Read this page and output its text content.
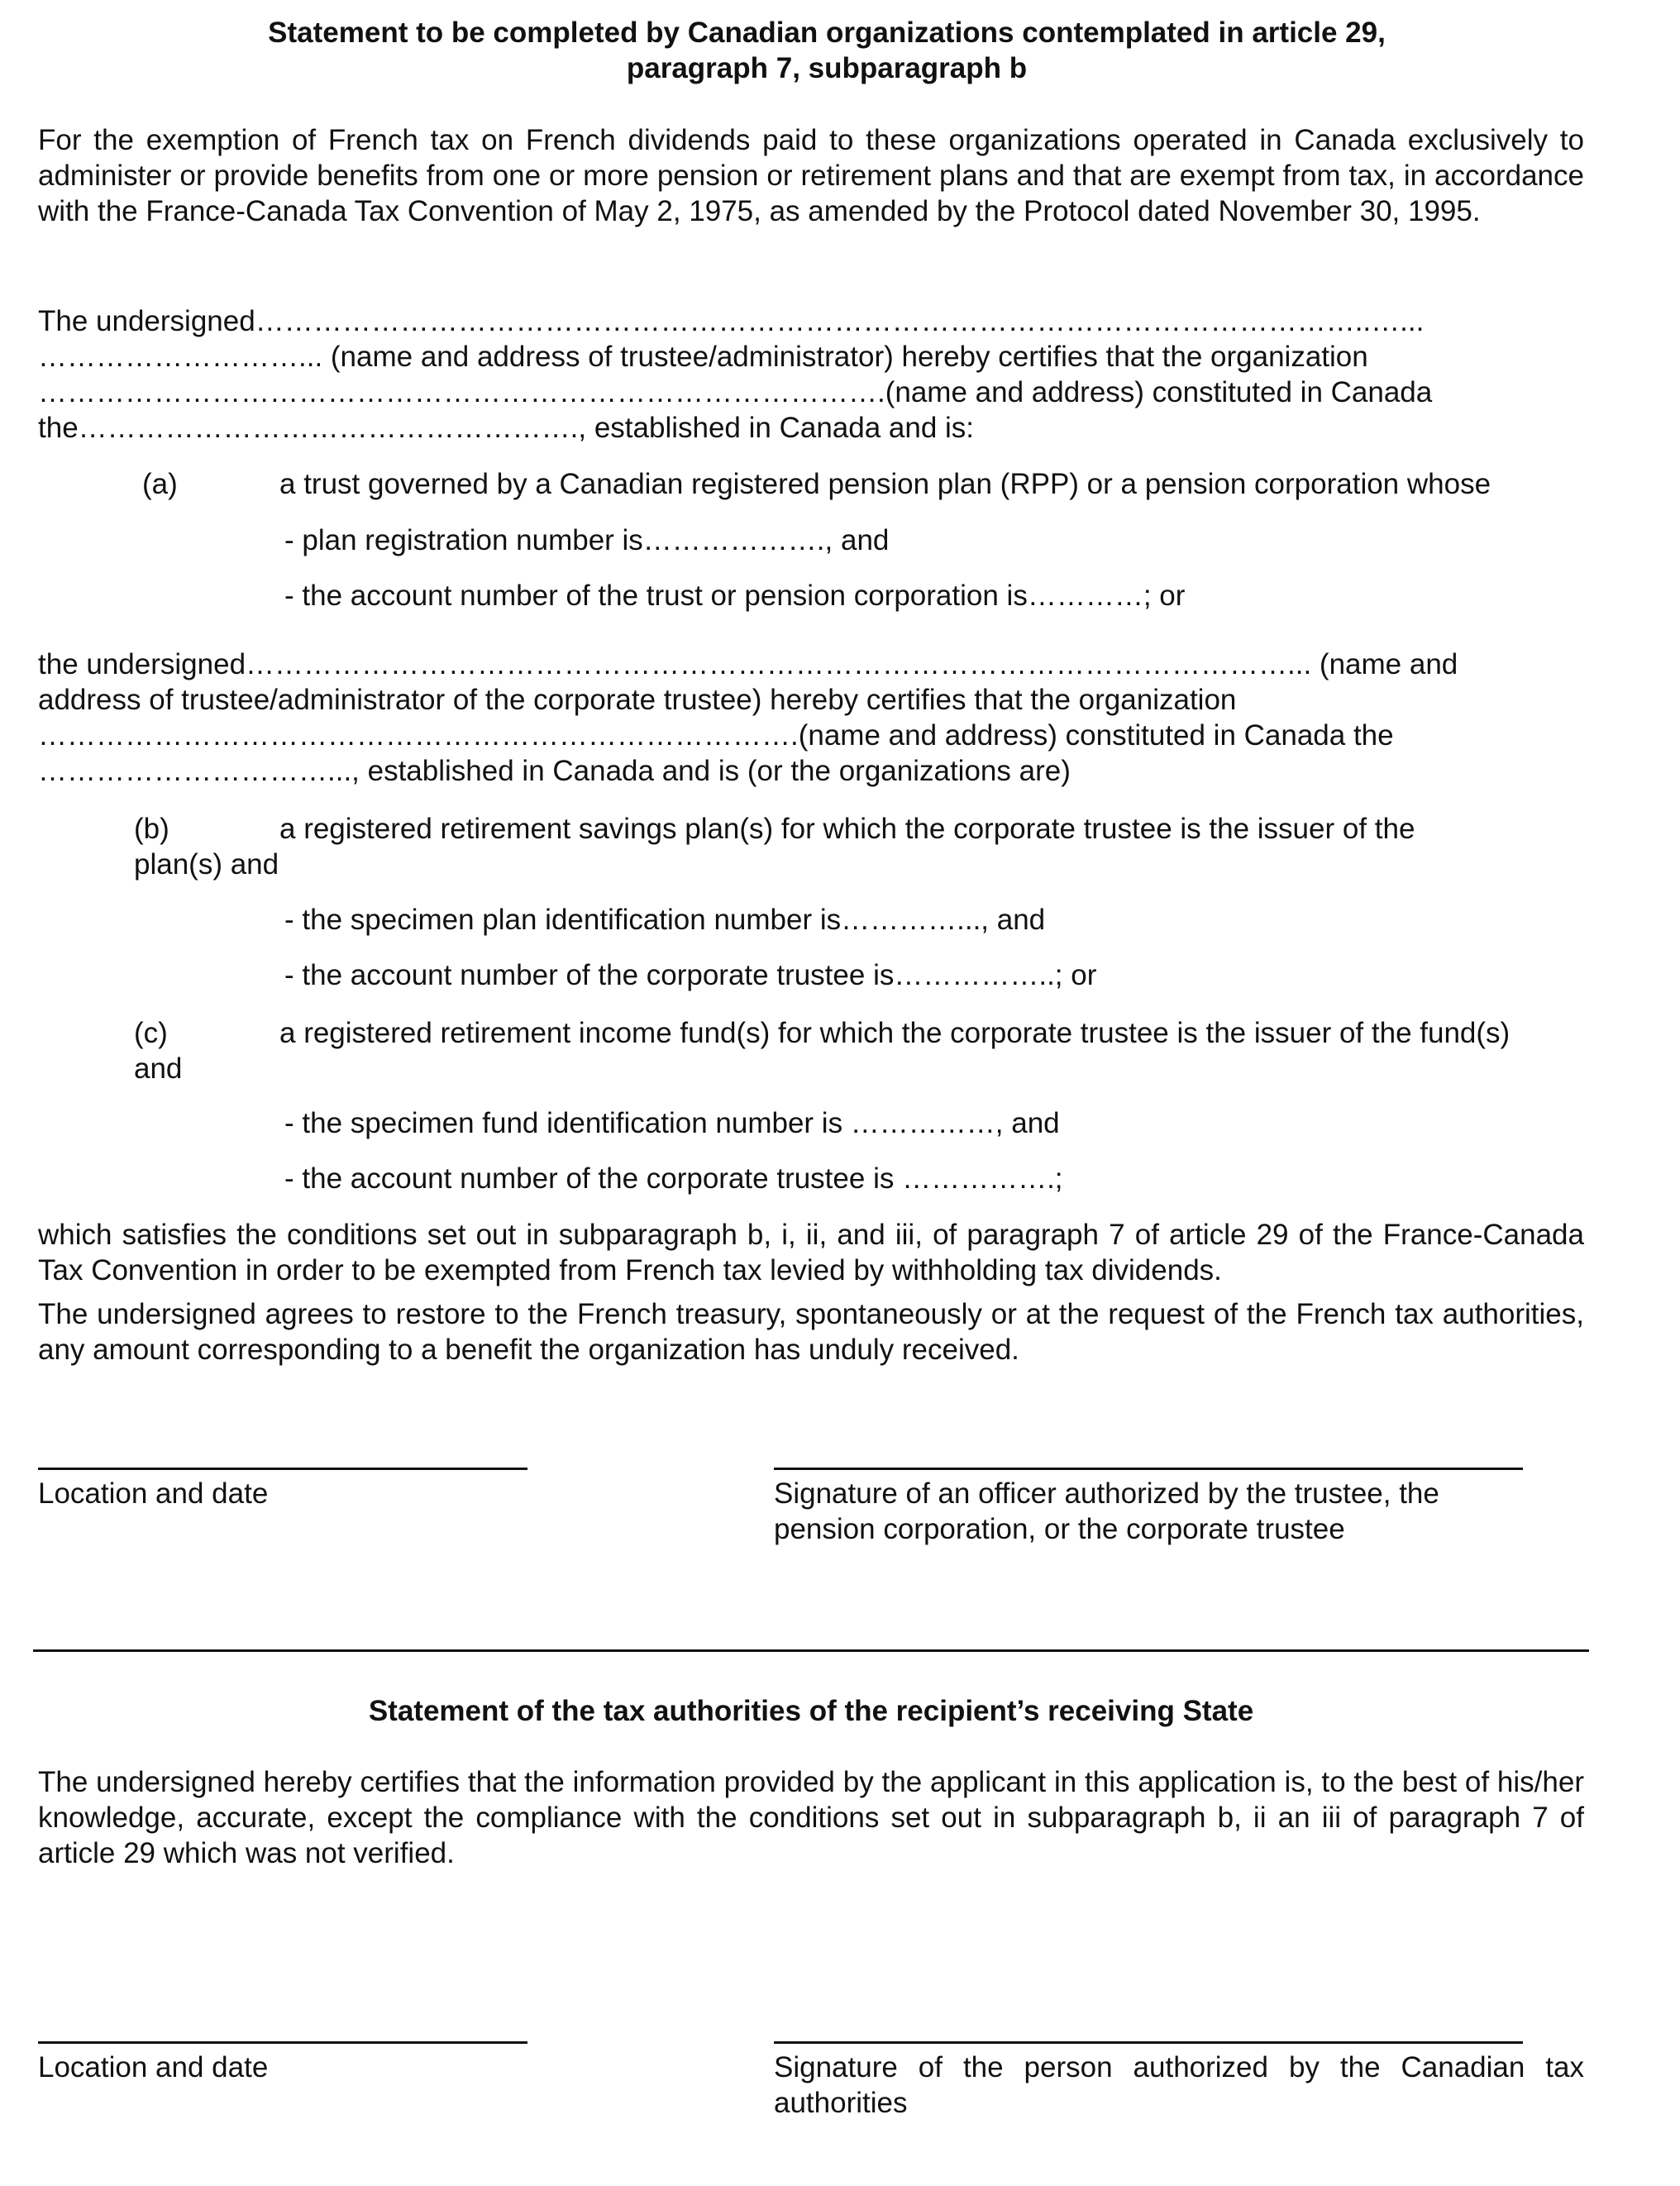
Statement to be completed by Canadian organizations contemplated in article 29,
paragraph 7, subparagraph b
For the exemption of French tax on French dividends paid to these organizations operated in Canada exclusively to administer or provide benefits from one or more pension or retirement plans and that are exempt from tax, in accordance with the France-Canada Tax Convention of May 2, 1975, as amended by the Protocol dated November 30, 1995.
The undersigned……………………………………………………………………………………………………..…...
………………………... (name and address of trustee/administrator) hereby certifies that the organization
…………………………………………………………………………….(name and address) constituted in Canada
the……………………………………………., established in Canada and is:
(a)	a trust governed by a Canadian registered pension plan (RPP) or a pension corporation whose
- plan registration number is………………., and
- the account number of the trust or pension corporation is…………; or
the undersigned………………………………………………………………………………………………... (name and
address of trustee/administrator of the corporate trustee) hereby certifies that the organization
…………………………………………………………………….(name and address) constituted in Canada the
…………………………..., established in Canada and is (or the organizations are)
(b)	a registered retirement savings plan(s) for which the corporate trustee is the issuer of the
plan(s) and
- the specimen plan identification number is…………..., and
- the account number of the corporate trustee is……………..; or
(c)	a registered retirement income fund(s) for which the corporate trustee is the issuer of the fund(s)
and
- the specimen fund identification number is ……………, and
- the account number of the corporate trustee is …………….;
which satisfies the conditions set out in subparagraph b, i, ii, and iii, of paragraph 7 of article 29 of the France-Canada Tax Convention in order to be exempted from French tax levied by withholding tax dividends.
The undersigned agrees to restore to the French treasury, spontaneously or at the request of the French tax authorities, any amount corresponding to a benefit the organization has unduly received.
Location and date	Signature of an officer authorized by the trustee, the pension corporation, or the corporate trustee
Statement of the tax authorities of the recipient’s receiving State
The undersigned hereby certifies that the information provided by the applicant in this application is, to the best of his/her knowledge, accurate, except the compliance with the conditions set out in subparagraph b, ii an iii of paragraph 7 of article 29 which was not verified.
Location and date	Signature of the person authorized by the Canadian tax authorities
